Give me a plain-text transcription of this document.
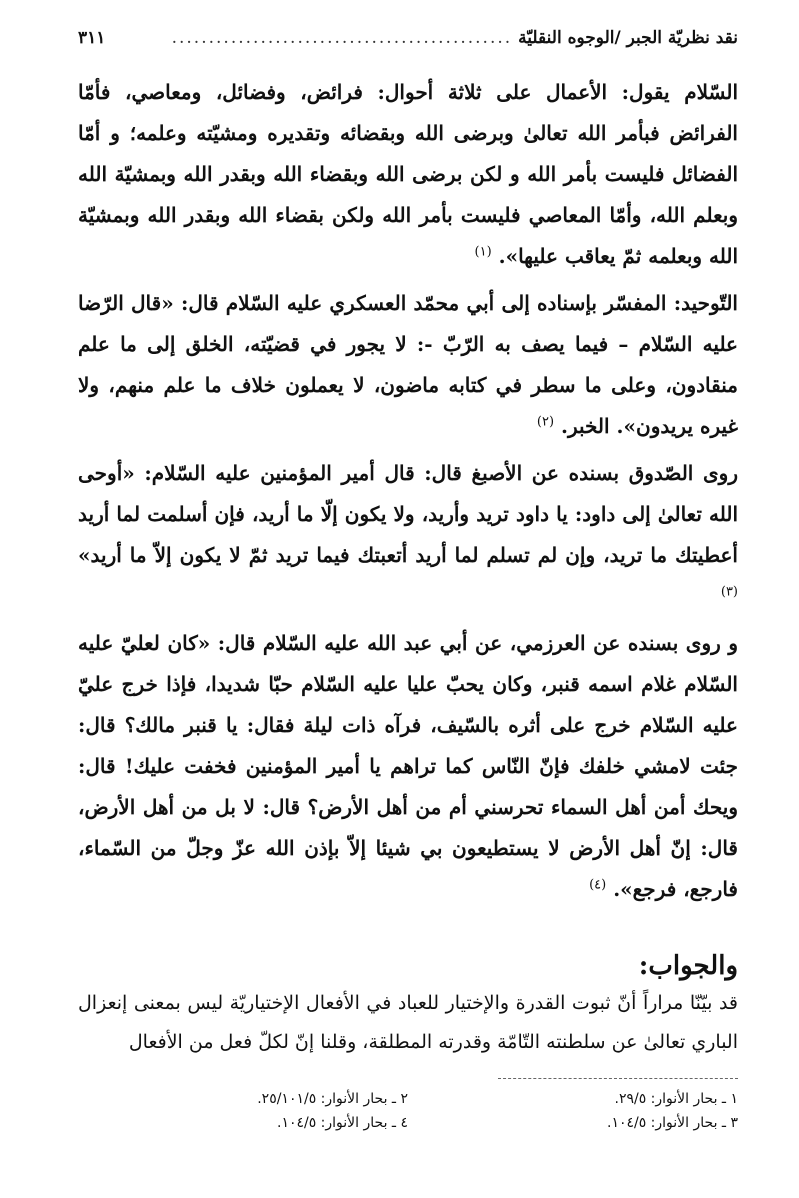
نقد نظريّة الجبر /الوجوه النقليّة
..............................................
٣١١

السّلام يقول: الأعمال على ثلاثة أحوال: فرائض، وفضائل، ومعاصي، فأمّا الفرائض فبأمر الله تعالىٰ وبرضى الله وبقضائه وتقديره ومشيّته وعلمه؛ و أمّا الفضائل فليست بأمر الله و لكن برضى الله وبقضاء الله وبقدر الله وبمشيّة الله وبعلم الله، وأمّا المعاصي فليست بأمر الله ولكن بقضاء الله وبقدر الله وبمشيّة الله وبعلمه ثمّ يعاقب عليها». $^{(١)}$

التّوحيد: المفسّر بإسناده إلى أبي محمّد العسكري عليه السّلام قال: «قال الرّضا عليه السّلام – فيما يصف به الرّبّ -: لا يجور في قضيّته، الخلق إلى ما علم منقادون، وعلى ما سطر في كتابه ماضون، لا يعملون خلاف ما علم منهم، ولا غيره يريدون». الخبر. $^{(٢)}$

روى الصّدوق بسنده عن الأصبغ قال: قال أمير المؤمنين عليه السّلام: «أوحى الله تعالىٰ إلى داود: يا داود تريد وأريد، ولا يكون إلّا ما أريد، فإن أسلمت لما أريد أعطيتك ما تريد، وإن لم تسلم لما أريد أتعبتك فيما تريد ثمّ لا يكون إلاّ ما أريد» $^{(٣)}$

و روى بسنده عن العرزمي، عن أبي عبد الله عليه السّلام قال: «كان لعليّ عليه السّلام غلام اسمه قنبر، وكان يحبّ عليا عليه السّلام حبّا شديدا، فإذا خرج عليّ عليه السّلام خرج على أثره بالسّيف، فرآه ذات ليلة فقال: يا قنبر مالك؟ قال: جئت لامشي خلفك فإنّ النّاس كما تراهم يا أمير المؤمنين فخفت عليك! قال: ويحك أمن أهل السماء تحرسني أم من أهل الأرض؟ قال: لا بل من أهل الأرض، قال: إنّ أهل الأرض لا يستطيعون بي شيئا إلاّ بإذن الله عزّ وجلّ من السّماء، فارجع، فرجع». $^{(٤)}$

والجواب:

قد بيّنّا مراراً أنّ ثبوت القدرة والإختيار للعباد في الأفعال الإختياريّة ليس بمعنى إنعزال الباري تعالىٰ عن سلطنته التّامّة وقدرته المطلقة، وقلنا إنّ لكلّ فعل من الأفعال

١ ـ بحار الأنوار: ٢٩/٥.
٢ ـ بحار الأنوار: ٢٥/١٠١/٥.
٣ ـ بحار الأنوار: ١٠٤/٥.
٤ ـ بحار الأنوار: ١٠٤/٥.
